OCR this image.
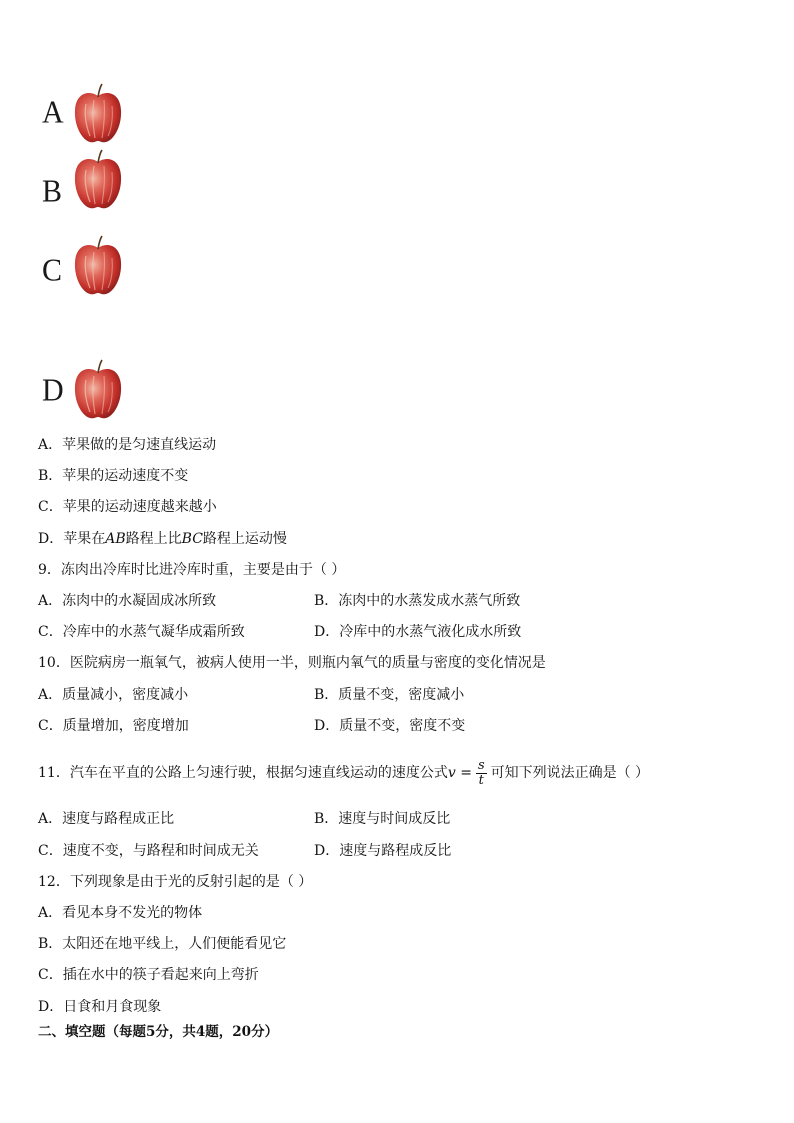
A
B
C
D
A．苹果做的是匀速直线运动
B．苹果的运动速度不变
C．苹果的运动速度越来越小
D．苹果在AB路程上比BC路程上运动慢
9．冻肉出冷库时比进冷库时重，主要是由于（ ）
A．冻肉中的水凝固成冰所致	B．冻肉中的水蒸发成水蒸气所致
C．冷库中的水蒸气凝华成霜所致	D．冷库中的水蒸气液化成水所致
10．医院病房一瓶氧气，被病人使用一半，则瓶内氧气的质量与密度的变化情况是
A．质量减小，密度减小	B．质量不变，密度减小
C．质量增加，密度增加	D．质量不变，密度不变
11．汽车在平直的公路上匀速行驶，根据匀速直线运动的速度公式$v = \frac{s}{t}$ 可知下列说法正确是（ ）
A．速度与路程成正比	B．速度与时间成反比
C．速度不变，与路程和时间成无关	D．速度与路程成反比
12．下列现象是由于光的反射引起的是（ ）
A．看见本身不发光的物体
B．太阳还在地平线上，人们便能看见它
C．插在水中的筷子看起来向上弯折
D．日食和月食现象
二、填空题（每题5分，共4题，20分）
